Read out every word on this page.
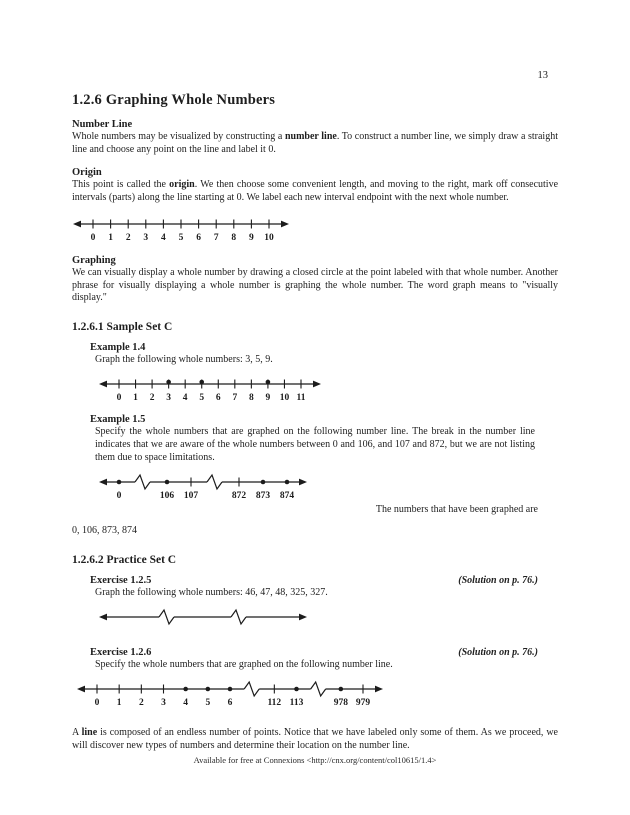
13
1.2.6 Graphing Whole Numbers
Number Line

Whole numbers may be visualized by constructing a number line. To construct a number line, we simply draw a straight line and choose any point on the line and label it 0.

Origin

This point is called the origin. We then choose some convenient length, and moving to the right, mark off consecutive intervals (parts) along the line starting at 0. We label each new interval endpoint with the next whole number.

0 1 2 3 4 5 6 7 8 9 10
Graphing

We can visually display a whole number by drawing a closed circle at the point labeled with that whole number. Another phrase for visually displaying a whole number is graphing the whole number. The word graph means to "visually display."

1.2.6.1 Sample Set C
Example 1.4

Graph the following whole numbers: 3, 5, 9.

0 1 2 3 4 5 6 7 8 9 10 11
Example 1.5

Specify the whole numbers that are graphed on the following number line. The break in the number line indicates that we are aware of the whole numbers between 0 and 106, and 107 and 872, but we are not listing them due to space limitations.

0	106 107	872 873 874
The numbers that have been graphed are

0, 106, 873, 874

1.2.6.2 Practice Set C
Exercise 1.2.5	(Solution on p. 76.)

Graph the following whole numbers: 46, 47, 48, 325, 327.

Exercise 1.2.6	(Solution on p. 76.)

Specify the whole numbers that are graphed on the following number line.

0 1 2 3 4 5 6	112 113	978 979

A line is composed of an endless number of points. Notice that we have labeled only some of them. As we proceed, we will discover new types of numbers and determine their location on the number line.

Available for free at Connexions <http://cnx.org/content/col10615/1.4>
